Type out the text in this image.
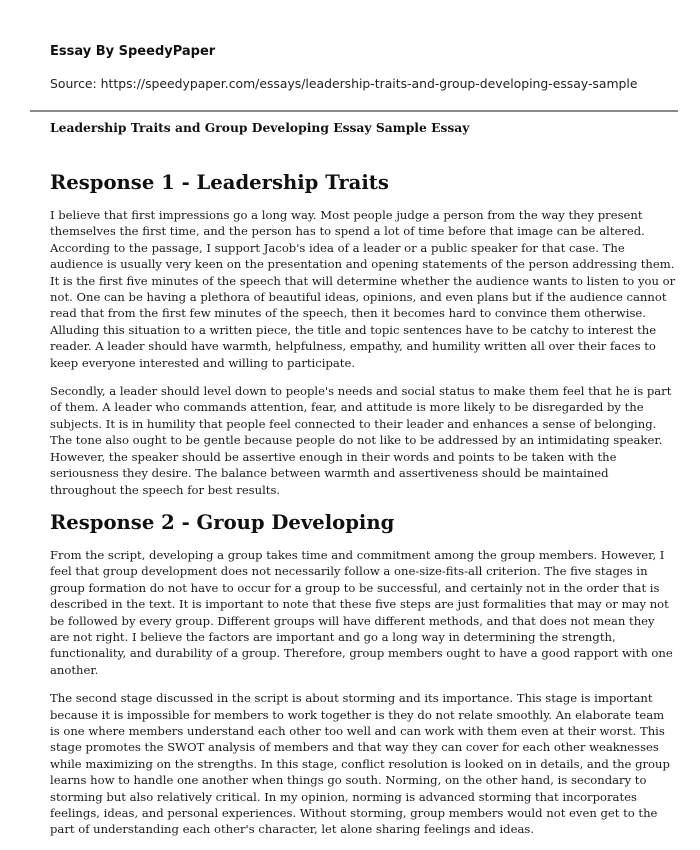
Essay By SpeedyPaper

Source: https://speedypaper.com/essays/leadership-traits-and-group-developing-essay-sample

Leadership Traits and Group Developing Essay Sample Essay

Response 1 - Leadership Traits

I believe that first impressions go a long way. Most people judge a person from the way they present themselves the first time, and the person has to spend a lot of time before that image can be altered. According to the passage, I support Jacob's idea of a leader or a public speaker for that case. The audience is usually very keen on the presentation and opening statements of the person addressing them. It is the first five minutes of the speech that will determine whether the audience wants to listen to you or not. One can be having a plethora of beautiful ideas, opinions, and even plans but if the audience cannot read that from the first few minutes of the speech, then it becomes hard to convince them otherwise. Alluding this situation to a written piece, the title and topic sentences have to be catchy to interest the reader. A leader should have warmth, helpfulness, empathy, and humility written all over their faces to keep everyone interested and willing to participate.

Secondly, a leader should level down to people's needs and social status to make them feel that he is part of them. A leader who commands attention, fear, and attitude is more likely to be disregarded by the subjects. It is in humility that people feel connected to their leader and enhances a sense of belonging. The tone also ought to be gentle because people do not like to be addressed by an intimidating speaker. However, the speaker should be assertive enough in their words and points to be taken with the seriousness they desire. The balance between warmth and assertiveness should be maintained throughout the speech for best results.

Response 2 - Group Developing

From the script, developing a group takes time and commitment among the group members. However, I feel that group development does not necessarily follow a one-size-fits-all criterion. The five stages in group formation do not have to occur for a group to be successful, and certainly not in the order that is described in the text. It is important to note that these five steps are just formalities that may or may not be followed by every group. Different groups will have different methods, and that does not mean they are not right. I believe the factors are important and go a long way in determining the strength, functionality, and durability of a group. Therefore, group members ought to have a good rapport with one another.

The second stage discussed in the script is about storming and its importance. This stage is important because it is impossible for members to work together is they do not relate smoothly. An elaborate team is one where members understand each other too well and can work with them even at their worst. This stage promotes the SWOT analysis of members and that way they can cover for each other weaknesses while maximizing on the strengths. In this stage, conflict resolution is looked on in details, and the group learns how to handle one another when things go south. Norming, on the other hand, is secondary to storming but also relatively critical. In my opinion, norming is advanced storming that incorporates feelings, ideas, and personal experiences. Without storming, group members would not even get to the part of understanding each other's character, let alone sharing feelings and ideas.
